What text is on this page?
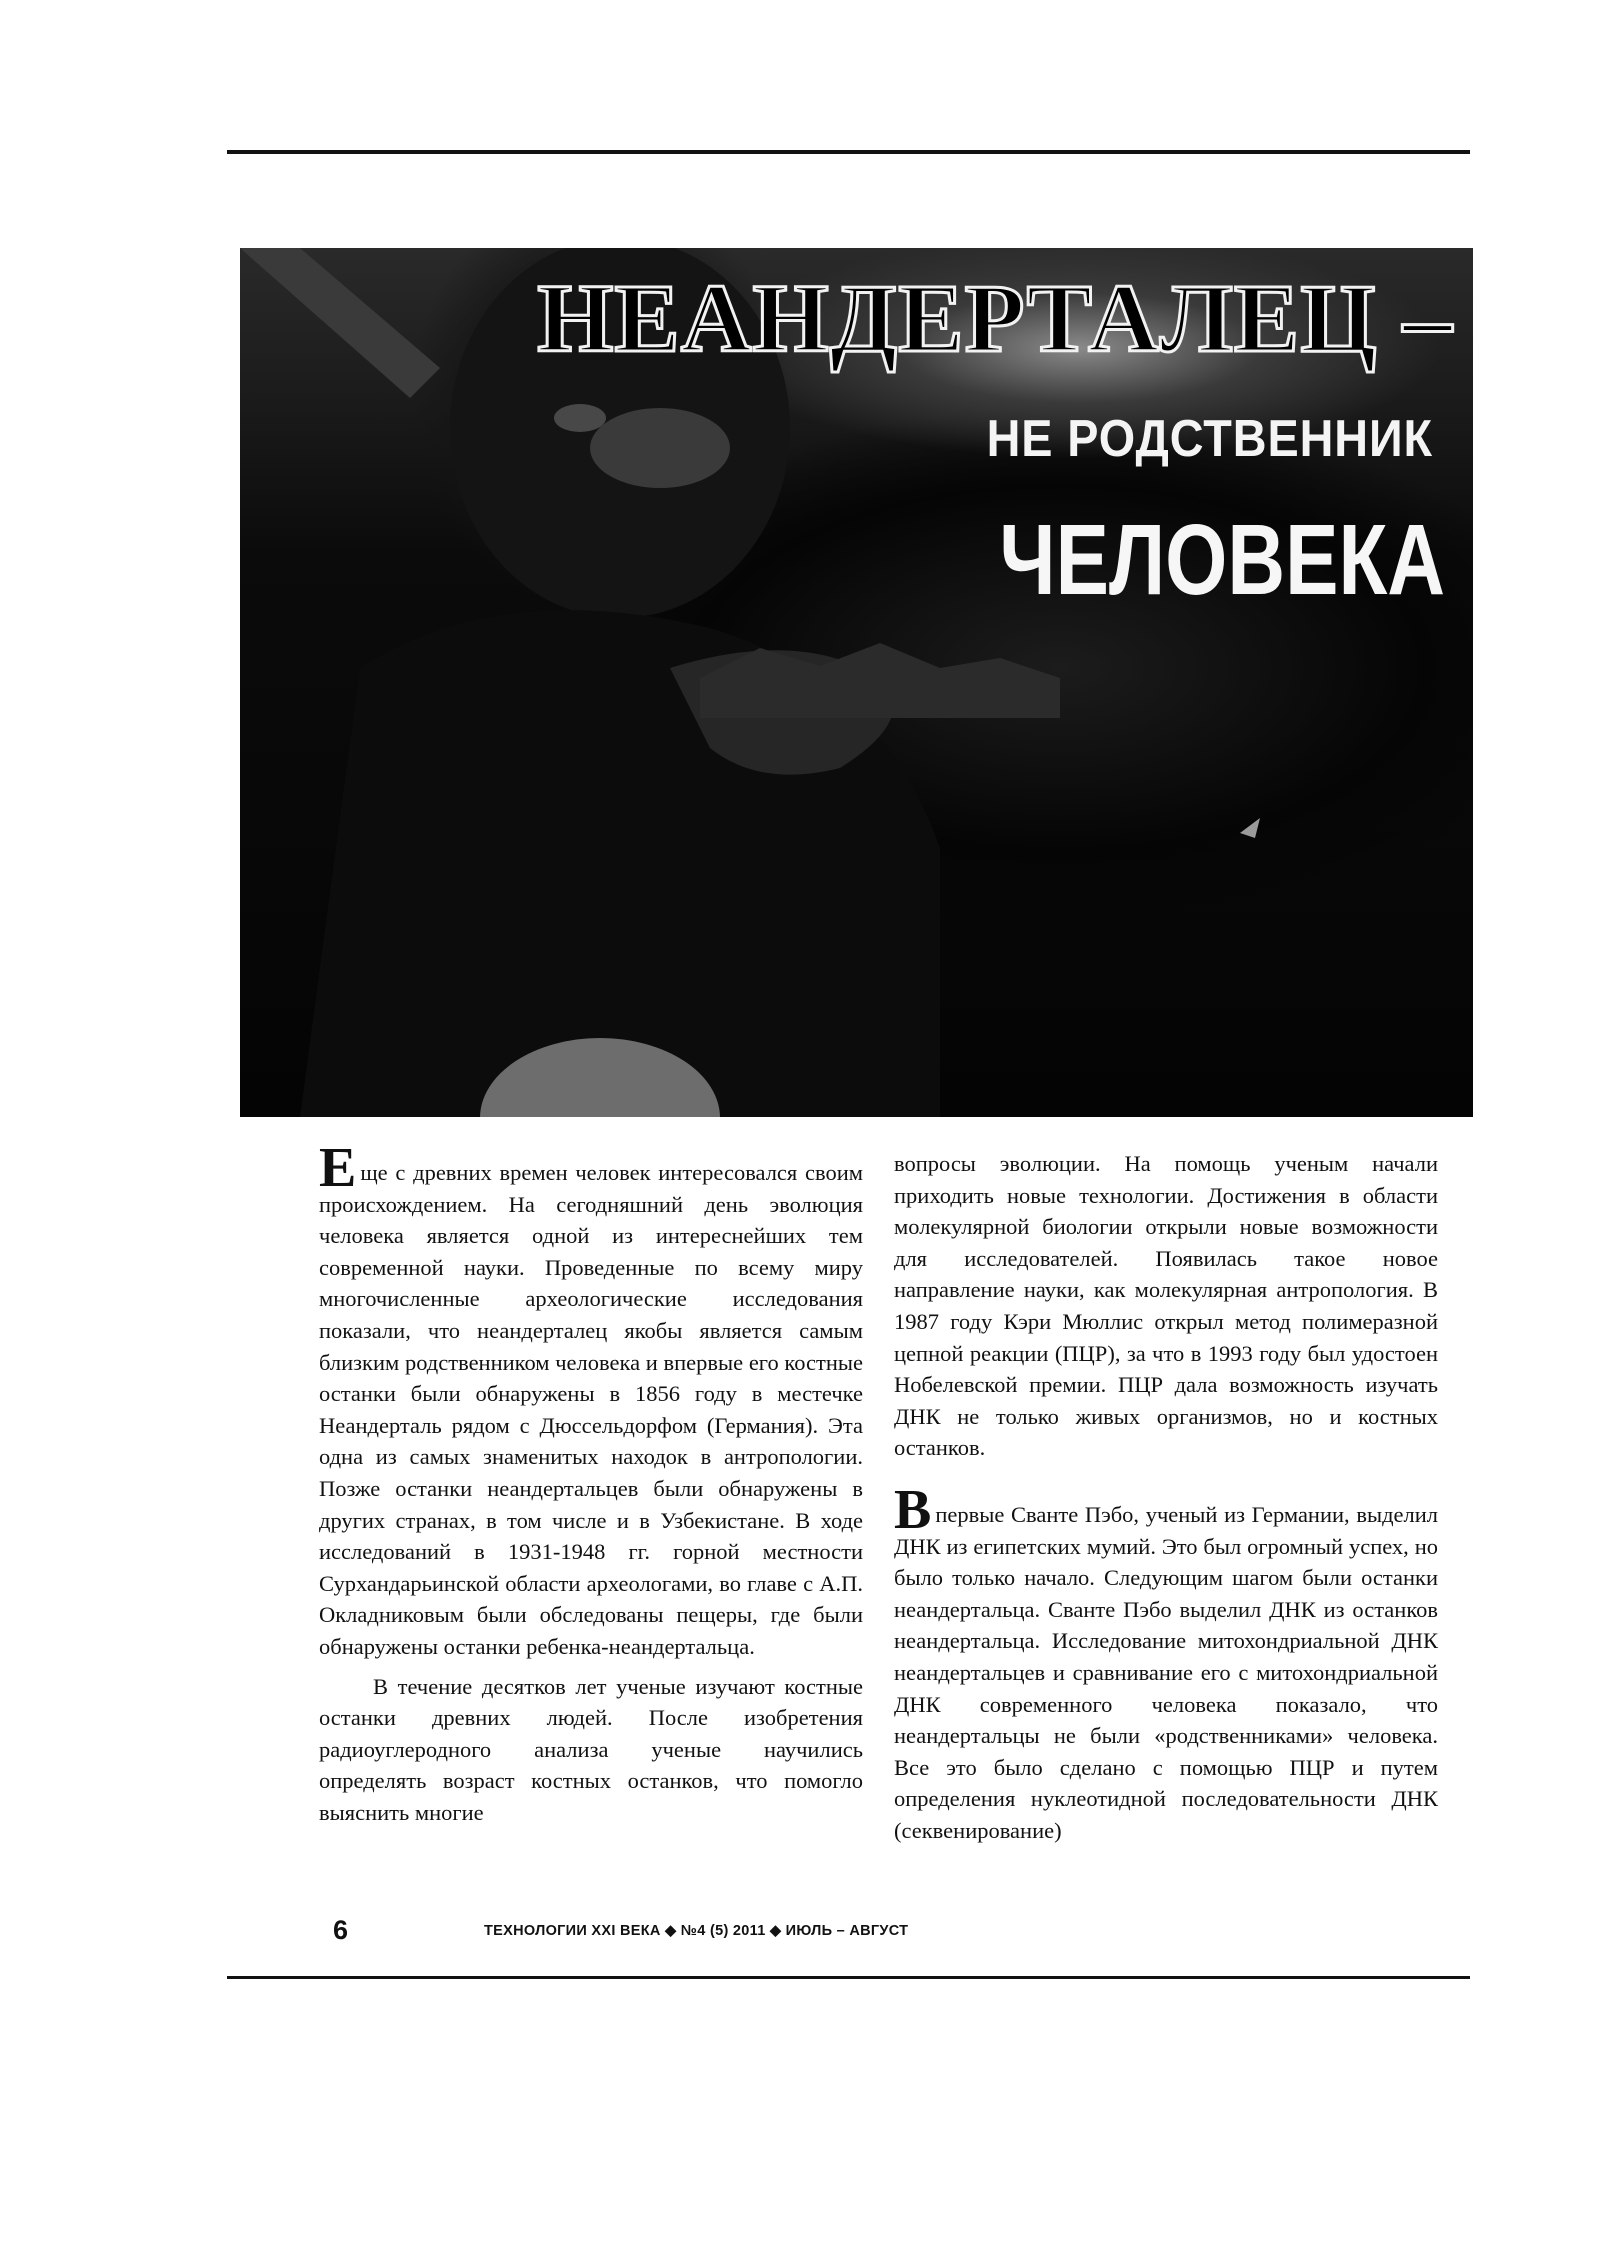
НЕАНДЕРТАЛЕЦ –
НЕ РОДСТВЕННИК
ЧЕЛОВЕКА

Еще с древних времен человек интересовался своим происхождением. На сегодняшний день эволюция человека является одной из интереснейших тем современной науки. Проведенные по всему миру многочисленные археологические исследования показали, что неандерталец якобы является самым близким родственником человека и впервые его костные останки были обнаружены в 1856 году в местечке Неандерталь рядом с Дюссельдорфом (Германия). Эта одна из самых знаменитых находок в антропологии. Позже останки неандертальцев были обнаружены в других странах, в том числе и в Узбекистане. В ходе исследований в 1931-1948 гг. горной местности Сурхандарьинской области археологами, во главе с А.П. Окладниковым были обследованы пещеры, где были обнаружены останки ребенка-неандертальца.

В течение десятков лет ученые изучают костные останки древних людей. После изобретения радиоуглеродного анализа ученые научились определять возраст костных останков, что помогло выяснить многие

вопросы эволюции. На помощь ученым начали приходить новые технологии. Достижения в области молекулярной биологии открыли новые возможности для исследователей. Появилась такое новое направление науки, как молекулярная антропология. В 1987 году Кэри Мюллис открыл метод полимеразной цепной реакции (ПЦР), за что в 1993 году был удостоен Нобелевской премии. ПЦР дала возможность изучать ДНК не только живых организмов, но и костных останков.

Впервые Сванте Пэбо, ученый из Германии, выделил ДНК из египетских мумий. Это был огромный успех, но было только начало. Следующим шагом были останки неандертальца. Сванте Пэбо выделил ДНК из останков неандертальца. Исследование митохондриальной ДНК неандертальцев и сравнивание его с митохондриальной ДНК современного человека показало, что неандертальцы не были «родственниками» человека. Все это было сделано с помощью ПЦР и путем определения нуклеотидной последовательности ДНК (секвенирование)

6	ТЕХНОЛОГИИ XXI ВЕКА ◆ №4 (5) 2011 ◆ ИЮЛЬ – АВГУСТ
